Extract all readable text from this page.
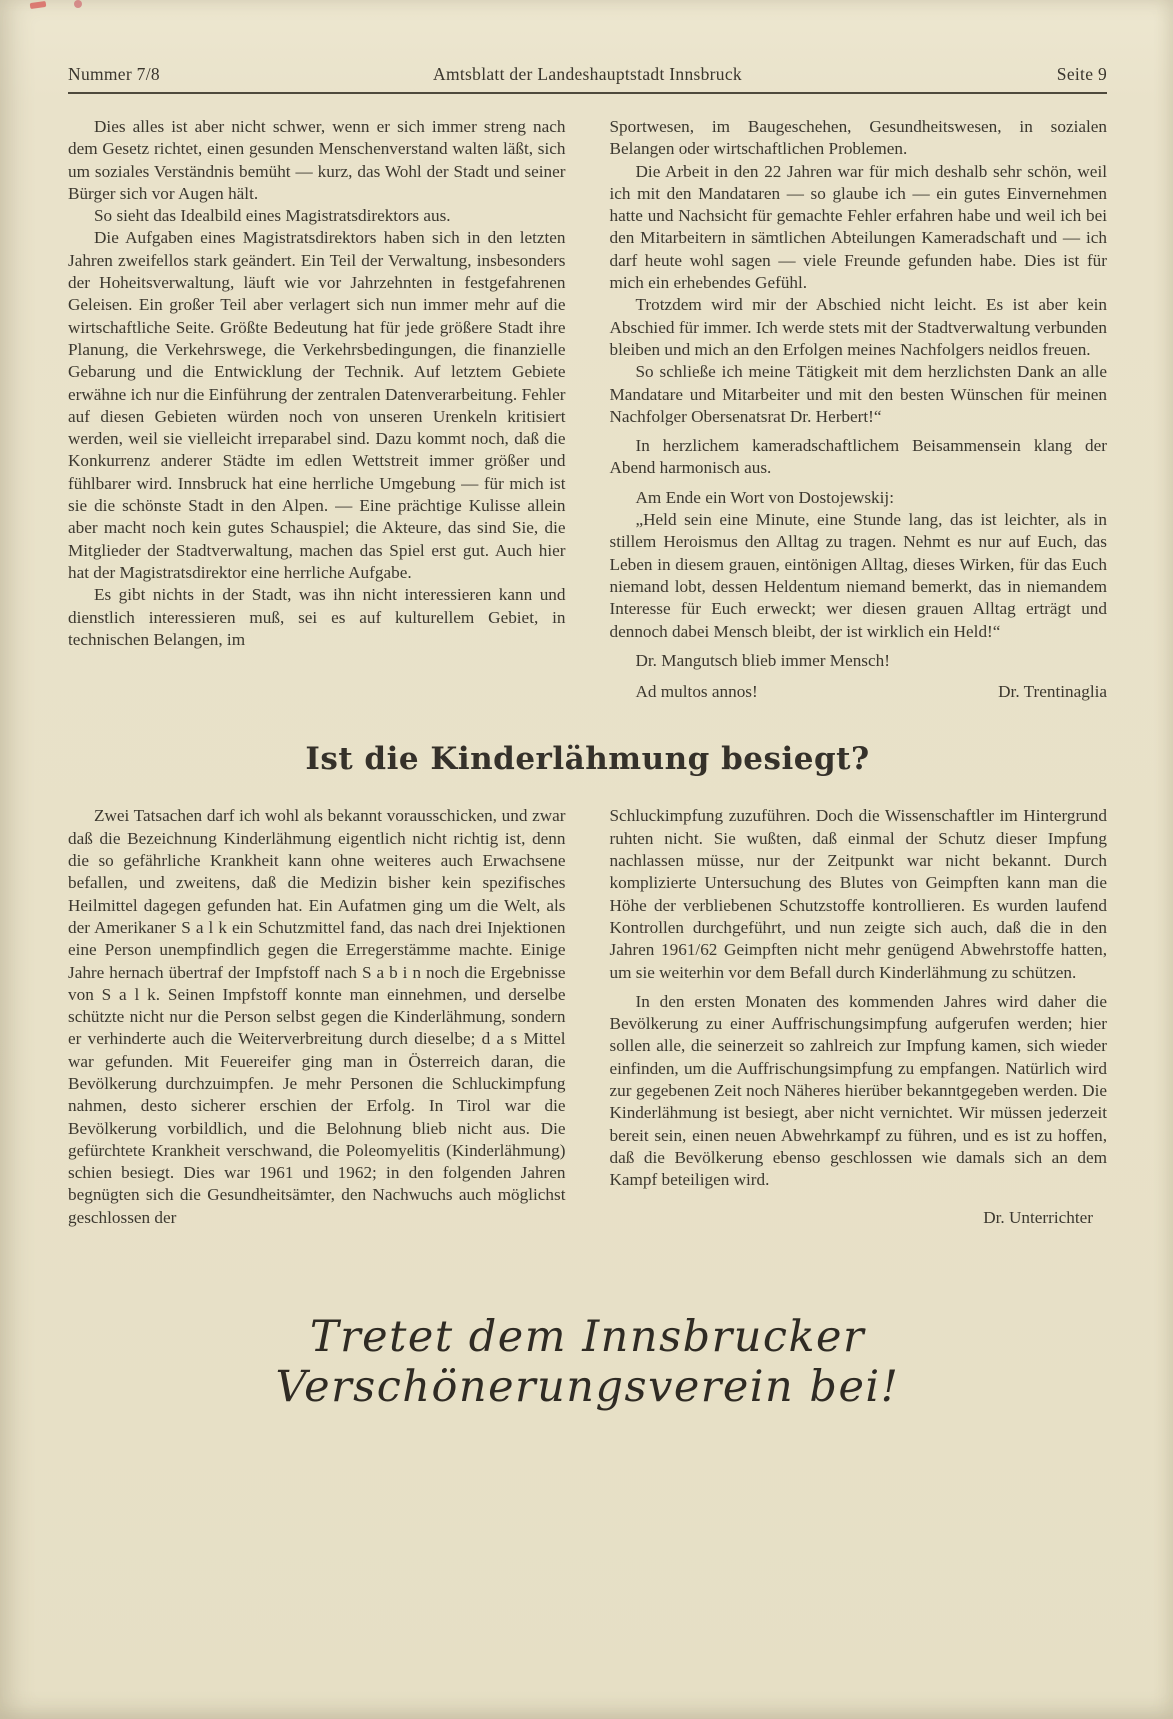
Nummer 7/8	Amtsblatt der Landeshauptstadt Innsbruck	Seite 9

Dies alles ist aber nicht schwer, wenn er sich immer streng nach dem Gesetz richtet, einen gesunden Menschenverstand walten läßt, sich um soziales Verständnis bemüht — kurz, das Wohl der Stadt und seiner Bürger sich vor Augen hält.

So sieht das Idealbild eines Magistratsdirektors aus.

Die Aufgaben eines Magistratsdirektors haben sich in den letzten Jahren zweifellos stark geändert. Ein Teil der Verwaltung, insbesonders der Hoheitsverwaltung, läuft wie vor Jahrzehnten in festgefahrenen Geleisen. Ein großer Teil aber verlagert sich nun immer mehr auf die wirtschaftliche Seite. Größte Bedeutung hat für jede größere Stadt ihre Planung, die Verkehrswege, die Verkehrsbedingungen, die finanzielle Gebarung und die Entwicklung der Technik. Auf letztem Gebiete erwähne ich nur die Einführung der zentralen Datenverarbeitung. Fehler auf diesen Gebieten würden noch von unseren Urenkeln kritisiert werden, weil sie vielleicht irreparabel sind. Dazu kommt noch, daß die Konkurrenz anderer Städte im edlen Wettstreit immer größer und fühlbarer wird. Innsbruck hat eine herrliche Umgebung — für mich ist sie die schönste Stadt in den Alpen. — Eine prächtige Kulisse allein aber macht noch kein gutes Schauspiel; die Akteure, das sind Sie, die Mitglieder der Stadtverwaltung, machen das Spiel erst gut. Auch hier hat der Magistratsdirektor eine herrliche Aufgabe.

Es gibt nichts in der Stadt, was ihn nicht interessieren kann und dienstlich interessieren muß, sei es auf kulturellem Gebiet, in technischen Belangen, im

Sportwesen, im Baugeschehen, Gesundheitswesen, in sozialen Belangen oder wirtschaftlichen Problemen.

Die Arbeit in den 22 Jahren war für mich deshalb sehr schön, weil ich mit den Mandataren — so glaube ich — ein gutes Einvernehmen hatte und Nachsicht für gemachte Fehler erfahren habe und weil ich bei den Mitarbeitern in sämtlichen Abteilungen Kameradschaft und — ich darf heute wohl sagen — viele Freunde gefunden habe. Dies ist für mich ein erhebendes Gefühl.

Trotzdem wird mir der Abschied nicht leicht. Es ist aber kein Abschied für immer. Ich werde stets mit der Stadtverwaltung verbunden bleiben und mich an den Erfolgen meines Nachfolgers neidlos freuen.

So schließe ich meine Tätigkeit mit dem herzlichsten Dank an alle Mandatare und Mitarbeiter und mit den besten Wünschen für meinen Nachfolger Obersenatsrat Dr. Herbert!“

In herzlichem kameradschaftlichem Beisammensein klang der Abend harmonisch aus.

Am Ende ein Wort von Dostojewskij:

„Held sein eine Minute, eine Stunde lang, das ist leichter, als in stillem Heroismus den Alltag zu tragen. Nehmt es nur auf Euch, das Leben in diesem grauen, eintönigen Alltag, dieses Wirken, für das Euch niemand lobt, dessen Heldentum niemand bemerkt, das in niemandem Interesse für Euch erweckt; wer diesen grauen Alltag erträgt und dennoch dabei Mensch bleibt, der ist wirklich ein Held!“

Dr. Mangutsch blieb immer Mensch!

Ad multos annos!	Dr. Trentinaglia
Ist die Kinderlähmung besiegt?

Zwei Tatsachen darf ich wohl als bekannt vorausschicken, und zwar daß die Bezeichnung Kinderlähmung eigentlich nicht richtig ist, denn die so gefährliche Krankheit kann ohne weiteres auch Erwachsene befallen, und zweitens, daß die Medizin bisher kein spezifisches Heilmittel dagegen gefunden hat. Ein Aufatmen ging um die Welt, als der Amerikaner S a l k ein Schutzmittel fand, das nach drei Injektionen eine Person unempfindlich gegen die Erregerstämme machte. Einige Jahre hernach übertraf der Impfstoff nach S a b i n noch die Ergebnisse von S a l k. Seinen Impfstoff konnte man einnehmen, und derselbe schützte nicht nur die Person selbst gegen die Kinderlähmung, sondern er verhinderte auch die Weiterverbreitung durch dieselbe; d a s Mittel war gefunden. Mit Feuereifer ging man in Österreich daran, die Bevölkerung durchzuimpfen. Je mehr Personen die Schluckimpfung nahmen, desto sicherer erschien der Erfolg. In Tirol war die Bevölkerung vorbildlich, und die Belohnung blieb nicht aus. Die gefürchtete Krankheit verschwand, die Poleomyelitis (Kinderlähmung) schien besiegt. Dies war 1961 und 1962; in den folgenden Jahren begnügten sich die Gesundheitsämter, den Nachwuchs auch möglichst geschlossen der

Schluckimpfung zuzuführen. Doch die Wissenschaftler im Hintergrund ruhten nicht. Sie wußten, daß einmal der Schutz dieser Impfung nachlassen müsse, nur der Zeitpunkt war nicht bekannt. Durch komplizierte Untersuchung des Blutes von Geimpften kann man die Höhe der verbliebenen Schutzstoffe kontrollieren. Es wurden laufend Kontrollen durchgeführt, und nun zeigte sich auch, daß die in den Jahren 1961/62 Geimpften nicht mehr genügend Abwehrstoffe hatten, um sie weiterhin vor dem Befall durch Kinderlähmung zu schützen.

In den ersten Monaten des kommenden Jahres wird daher die Bevölkerung zu einer Auffrischungsimpfung aufgerufen werden; hier sollen alle, die seinerzeit so zahlreich zur Impfung kamen, sich wieder einfinden, um die Auffrischungsimpfung zu empfangen. Natürlich wird zur gegebenen Zeit noch Näheres hierüber bekanntgegeben werden. Die Kinderlähmung ist besiegt, aber nicht vernichtet. Wir müssen jederzeit bereit sein, einen neuen Abwehrkampf zu führen, und es ist zu hoffen, daß die Bevölkerung ebenso geschlossen wie damals sich an dem Kampf beteiligen wird.

Dr. Unterrichter

Tretet dem Innsbrucker Verschönerungsverein bei!
